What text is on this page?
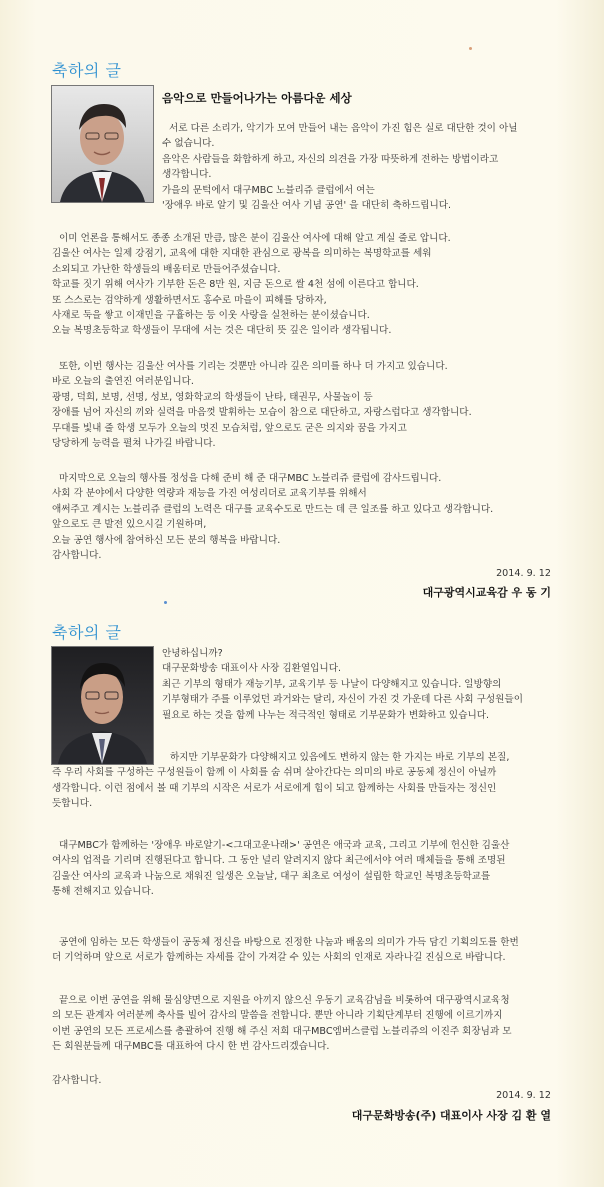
축하의 글
음악으로 만들어나가는 아름다운 세상
서로 다른 소리가, 악기가 모여 만들어 내는 음악이 가진 힘은 실로 대단한 것이 아닐
수 없습니다.
음악은 사람들을 화합하게 하고, 자신의 의견을 가장 따뜻하게 전하는 방법이라고
생각합니다.
가을의 문턱에서 대구MBC 노블리쥬 클럽에서 여는
'장애우 바로 알기 및 김울산 여사 기념 공연' 을 대단히 축하드립니다.
이미 언론을 통해서도 종종 소개된 만큼, 많은 분이 김울산 여사에 대해 알고 계실 줄로 압니다.
김울산 여사는 일제 강점기, 교육에 대한 지대한 관심으로 광복을 의미하는 복명학교를 세워
소외되고 가난한 학생들의 배움터로 만들어주셨습니다.
학교를 짓기 위해 여사가 기부한 돈은 8만 원, 지금 돈으로 쌀 4천 섬에 이른다고 합니다.
또 스스로는 검약하게 생활하면서도 홍수로 마을이 피해를 당하자,
사재로 둑을 쌓고 이재민을 구휼하는 등 이웃 사랑을 실천하는 분이셨습니다.
오늘 복명초등학교 학생들이 무대에 서는 것은 대단히 뜻 깊은 일이라 생각됩니다.
또한, 이번 행사는 김울산 여사를 기리는 것뿐만 아니라 깊은 의미를 하나 더 가지고 있습니다.
바로 오늘의 출연진 여러분입니다.
광명, 덕희, 보명, 선명, 성보, 영화학교의 학생들이 난타, 태권무, 사물놀이 등
장애를 넘어 자신의 끼와 실력을 마음껏 발휘하는 모습이 참으로 대단하고, 자랑스럽다고 생각합니다.
무대를 빛내 줄 학생 모두가 오늘의 멋진 모습처럼, 앞으로도 굳은 의지와 꿈을 가지고
당당하게 능력을 펼쳐 나가길 바랍니다.
마지막으로 오늘의 행사를 정성을 다해 준비 해 준 대구MBC 노블리쥬 클럽에 감사드립니다.
사회 각 분야에서 다양한 역량과 재능을 가진 여성리더로 교육기부를 위해서
애써주고 계시는 노블리쥬 클럽의 노력은 대구를 교육수도로 만드는 데 큰 일조를 하고 있다고 생각합니다.
앞으로도 큰 발전 있으시길 기원하며,
오늘 공연 행사에 참여하신 모든 분의 행복을 바랍니다.
감사합니다.
2014. 9. 12
대구광역시교육감 우 동 기
축하의 글
안녕하십니까?
대구문화방송 대표이사 사장 김환열입니다.
최근 기부의 형태가 재능기부, 교육기부 등 나날이 다양해지고 있습니다. 일방향의
기부형태가 주를 이루었던 과거와는 달리, 자신이 가진 것 가운데 다른 사회 구성원들이
필요로 하는 것을 함께 나누는 적극적인 형태로 기부문화가 변화하고 있습니다.
하지만 기부문화가 다양해지고 있음에도 변하지 않는 한 가지는 바로 기부의 본질,
즉 우리 사회를 구성하는 구성원들이 함께 이 사회를 숨 쉬며 살아간다는 의미의 바로 공동체 정신이 아닐까
생각합니다. 이런 점에서 볼 때 기부의 시작은 서로가 서로에게 힘이 되고 함께하는 사회를 만들자는 정신인
듯합니다.
대구MBC가 함께하는 '장애우 바로알기-<그대고운나래>' 공연은 애국과 교육, 그리고 기부에 헌신한 김울산
여사의 업적을 기리며 진행된다고 합니다. 그 동안 널리 알려지지 않다 최근에서야 여러 매체들을 통해 조명된
김울산 여사의 교육과 나눔으로 채워진 일생은 오늘날, 대구 최초로 여성이 설립한 학교인 복명초등학교를
통해 전해지고 있습니다.
공연에 임하는 모든 학생들이 공동체 정신을 바탕으로 진정한 나눔과 배움의 의미가 가득 담긴 기획의도를 한번
더 기억하며 앞으로 서로가 함께하는 자세를 같이 가져갈 수 있는 사회의 인재로 자라나길 진심으로 바랍니다.
끝으로 이번 공연을 위해 물심양면으로 지원을 아끼지 않으신 우동기 교육감님을 비롯하여 대구광역시교육청
의 모든 관계자 여러분께 축사를 빌어 감사의 말씀을 전합니다. 뿐만 아니라 기획단계부터 진행에 이르기까지
이번 공연의 모든 프로세스를 총괄하여 진행 해 주신 저희 대구MBC엠버스클럽 노블리쥬의 이진주 회장님과 모
든 회원분들께 대구MBC를 대표하여 다시 한 번 감사드리겠습니다.
감사합니다.
2014. 9. 12
대구문화방송(주) 대표이사 사장 김 환 열
